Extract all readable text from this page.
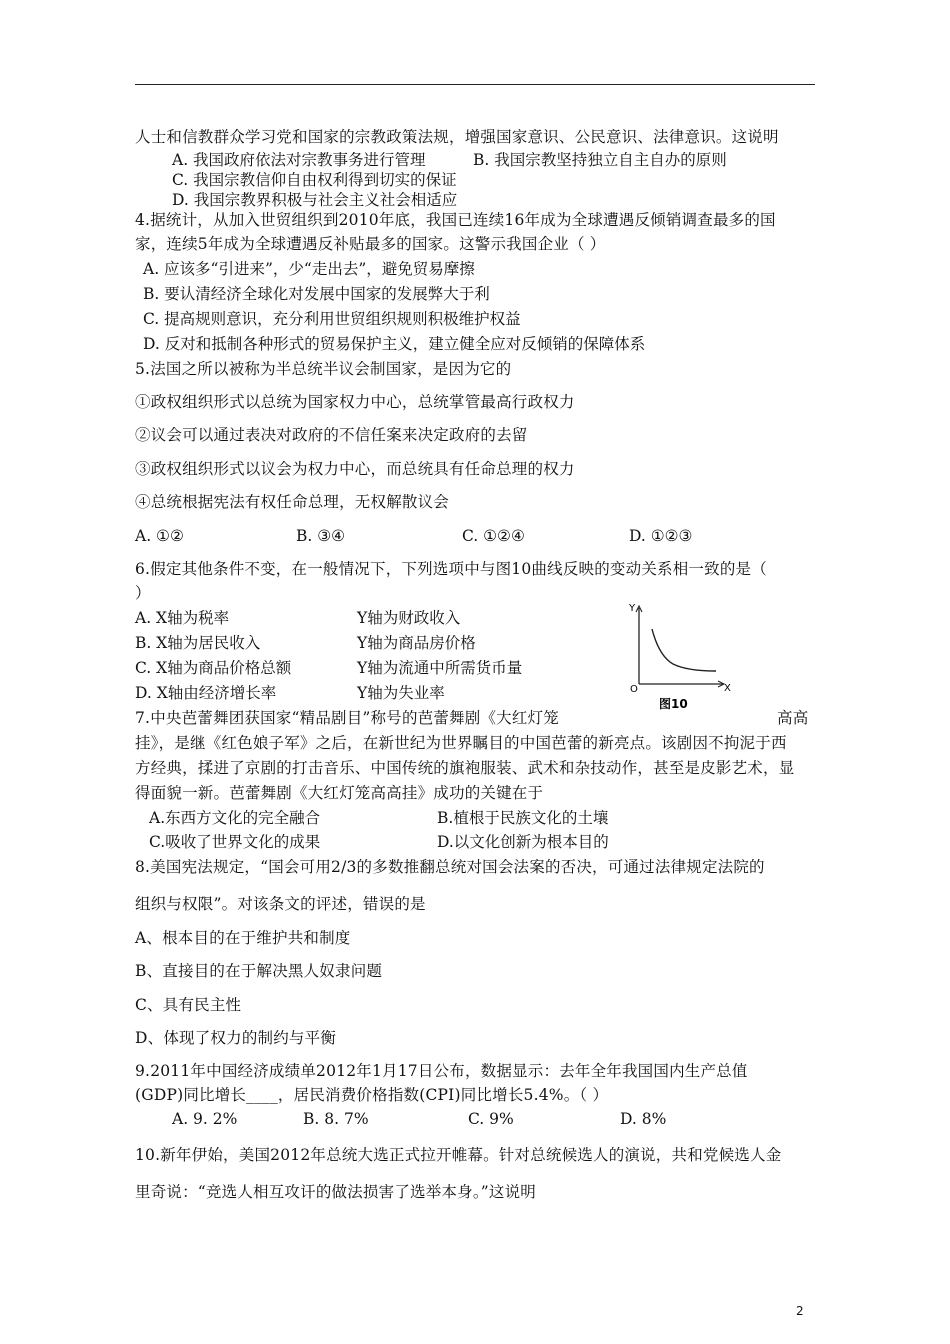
人士和信教群众学习党和国家的宗教政策法规，增强国家意识、公民意识、法律意识。这说明
A. 我国政府依法对宗教事务进行管理	B. 我国宗教坚持独立自主自办的原则
C. 我国宗教信仰自由权利得到切实的保证
D. 我国宗教界积极与社会主义社会相适应
4.据统计，从加入世贸组织到2010年底，我国已连续16年成为全球遭遇反倾销调查最多的国
家，连续5年成为全球遭遇反补贴最多的国家。这警示我国企业（ ）
A. 应该多“引进来”，少“走出去”，避免贸易摩擦
B. 要认清经济全球化对发展中国家的发展弊大于利
C. 提高规则意识，充分利用世贸组织规则积极维护权益
D. 反对和抵制各种形式的贸易保护主义，建立健全应对反倾销的保障体系
5.法国之所以被称为半总统半议会制国家，是因为它的
①政权组织形式以总统为国家权力中心，总统掌管最高行政权力
②议会可以通过表决对政府的不信任案来决定政府的去留
③政权组织形式以议会为权力中心，而总统具有任命总理的权力
④总统根据宪法有权任命总理，无权解散议会
A. ①②	B. ③④	C. ①②④	D. ①②③
6.假定其他条件不变，在一般情况下，下列选项中与图10曲线反映的变动关系相一致的是（
）
A. X轴为税率	Y轴为财政收入
B. X轴为居民收入	Y轴为商品房价格
C. X轴为商品价格总额	Y轴为流通中所需货币量
D. X轴由经济增长率	Y轴为失业率
Y
X
O
图10
7.中央芭蕾舞团获国家“精品剧目”称号的芭蕾舞剧《大红灯笼	高高
挂》，是继《红色娘子军》之后，在新世纪为世界瞩目的中国芭蕾的新亮点。该剧因不拘泥于西
方经典，揉进了京剧的打击音乐、中国传统的旗袍服装、武术和杂技动作，甚至是皮影艺术，显
得面貌一新。芭蕾舞剧《大红灯笼高高挂》成功的关键在于
A.东西方文化的完全融合	B.植根于民族文化的土壤
C.吸收了世界文化的成果	D.以文化创新为根本目的
8.美国宪法规定，“国会可用2/3的多数推翻总统对国会法案的否决，可通过法律规定法院的
组织与权限”。对该条文的评述，错误的是
A、根本目的在于维护共和制度
B、直接目的在于解决黑人奴隶问题
C、具有民主性
D、体现了权力的制约与平衡
9.2011年中国经济成绩单2012年1月17日公布，数据显示：去年全年我国国内生产总值
(GDP)同比增长____，居民消费价格指数(CPI)同比增长5.4%。（ ）
A. 9. 2%	B. 8. 7%	C. 9%	D. 8%
10.新年伊始，美国2012年总统大选正式拉开帷幕。针对总统候选人的演说，共和党候选人金
里奇说：“竞选人相互攻讦的做法损害了选举本身。”这说明
2
